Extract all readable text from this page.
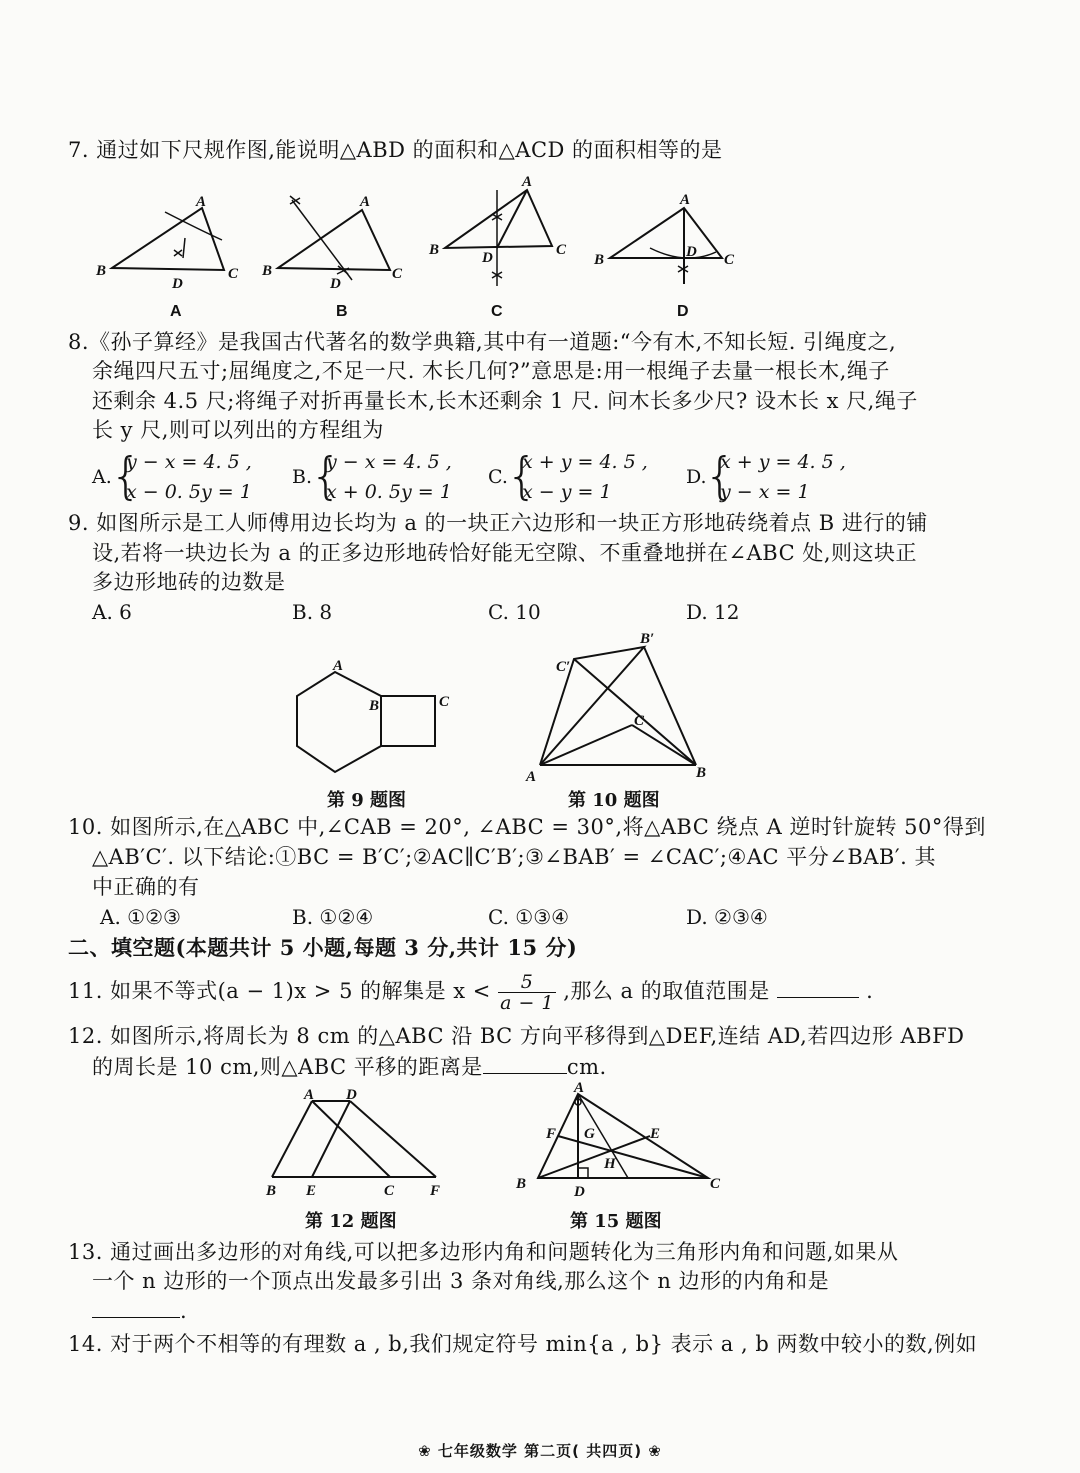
7. 通过如下尺规作图,能说明△ABD 的面积和△ACD 的面积相等的是
B
A
C
D
B
A
C
D
B
A
C
D	B
A
C
D
A	B	C	D
8.《孙子算经》是我国古代著名的数学典籍,其中有一道题:“今有木,不知长短. 引绳度之,
余绳四尺五寸;屈绳度之,不足一尺. 木长几何?”意思是:用一根绳子去量一根长木,绳子
还剩余 4.5 尺;将绳子对折再量长木,长木还剩余 1 尺. 问木长多少尺? 设木长 x 尺,绳子
长 y 尺,则可以列出的方程组为
A.
{
y − x = 4. 5 ,
x − 0. 5y = 1
B.
{
y − x = 4. 5 ,
x + 0. 5y = 1
C.
{
x + y = 4. 5 ,
x − y = 1
D.
{
x + y = 4. 5 ,
y − x = 1
9. 如图所示是工人师傅用边长均为 a 的一块正六边形和一块正方形地砖绕着点 B 进行的铺
设,若将一块边长为 a 的正多边形地砖恰好能无空隙、不重叠地拼在∠ABC 处,则这块正
多边形地砖的边数是
A. 6	B. 8	C. 10	D. 12
A
B	C
第 9 题图
A	B
C
C′
B′
第 10 题图
10. 如图所示,在△ABC 中,∠CAB = 20°, ∠ABC = 30°,将△ABC 绕点 A 逆时针旋转 50°得到
△AB′C′. 以下结论:①BC = B′C′;②AC∥C′B′;③∠BAB′ = ∠CAC′;④AC 平分∠BAB′. 其
中正确的有
A. ①②③	B. ①②④	C. ①③④	D. ②③④
二、填空题(本题共计 5 小题,每题 3 分,共计 15 分)
11. 如果不等式(a − 1)x > 5 的解集是 $x < \frac{5}{a - 1}$ ,那么 a 的取值范围是	.
12. 如图所示,将周长为 8 cm 的△ABC 沿 BC 方向平移得到△DEF,连结 AD,若四边形 ABFD
的周长是 10 cm,则△ABC 平移的距离是	cm.
A D
B E	C F
第 12 题图
A
B	C
D
E
F G
H
第 15 题图
13. 通过画出多边形的对角线,可以把多边形内角和问题转化为三角形内角和问题,如果从
一个 n 边形的一个顶点出发最多引出 3 条对角线,那么这个 n 边形的内角和是
.
14. 对于两个不相等的有理数 a , b,我们规定符号 min{a , b} 表示 a , b 两数中较小的数,例如
❀ 七年级数学 第二页( 共四页) ❀
